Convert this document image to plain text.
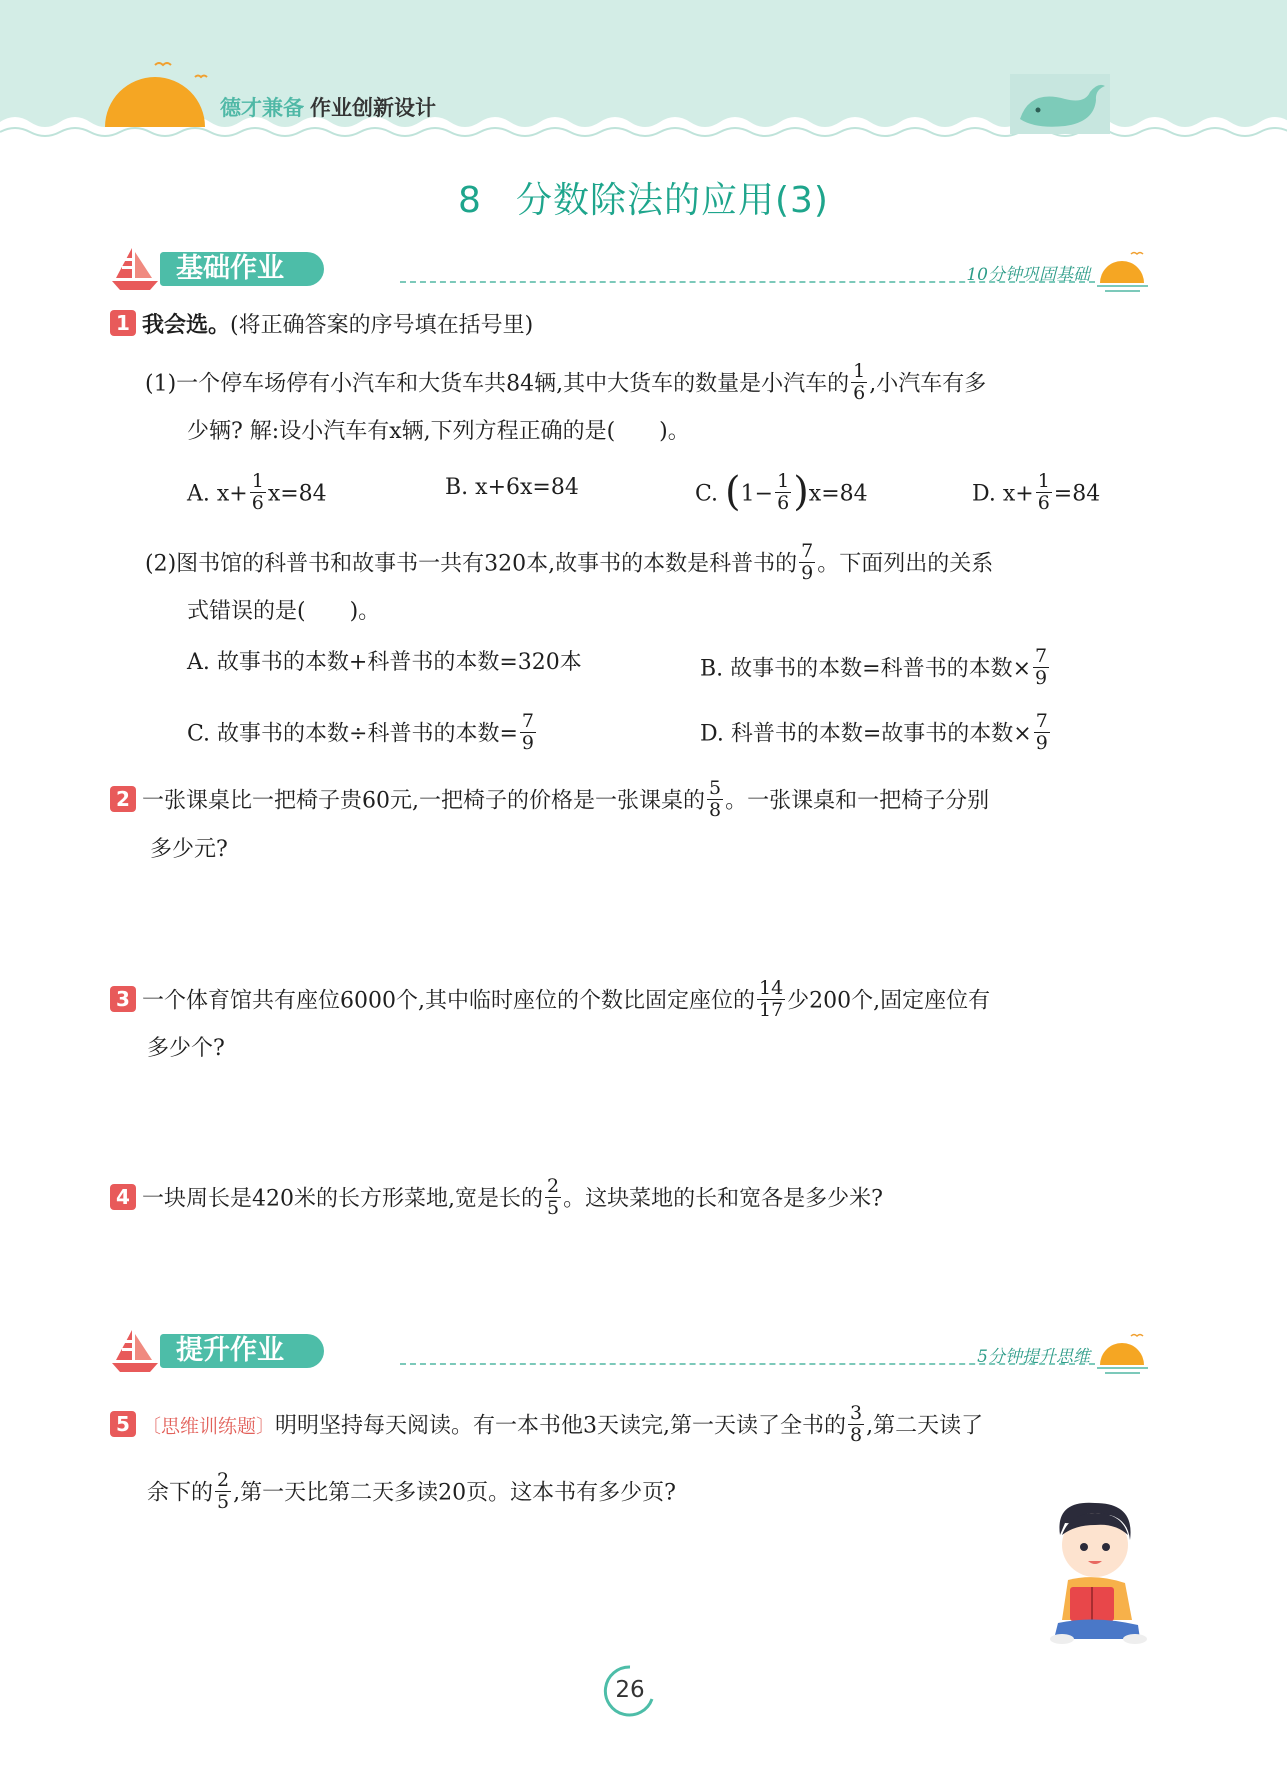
德才兼备 作业创新设计
8 分数除法的应用(3)
基础作业	10分钟巩固基础
1 我会选。(将正确答案的序号填在括号里)
(1)一个停车场停有小汽车和大货车共84辆,其中大货车的数量是小汽车的 $\frac{1}{6}$ ,小汽车有多
少辆? 解:设小汽车有x辆,下列方程正确的是(　　)。
A. $x+ \frac{1}{6} x=84$	B. x+6x=84	C. $(1- \frac{1}{6} )x=84$	D. $x+ \frac{1}{6} =84$
(2)图书馆的科普书和故事书一共有320本,故事书的本数是科普书的 $\frac{7}{9}$ 。下面列出的关系
式错误的是(　　)。
A. 故事书的本数+科普书的本数=320本	B. 故事书的本数=科普书的本数× $\frac{7}{9}$
C. 故事书的本数÷科普书的本数= $\frac{7}{9}$	D. 科普书的本数=故事书的本数× $\frac{7}{9}$
2 一张课桌比一把椅子贵60元,一把椅子的价格是一张课桌的 $\frac{5}{8}$ 。一张课桌和一把椅子分别
多少元?
3 一个体育馆共有座位6000个,其中临时座位的个数比固定座位的 $\frac{14}{17}$ 少200个,固定座位有
多少个?
4 一块周长是420米的长方形菜地,宽是长的 $\frac{2}{5}$ 。这块菜地的长和宽各是多少米?
提升作业	5分钟提升思维
5 〔思维训练题〕明明坚持每天阅读。有一本书他3天读完,第一天读了全书的 $\frac{3}{8}$ ,第二天读了
余下的 $\frac{2}{5}$ ,第一天比第二天多读20页。这本书有多少页?
26
